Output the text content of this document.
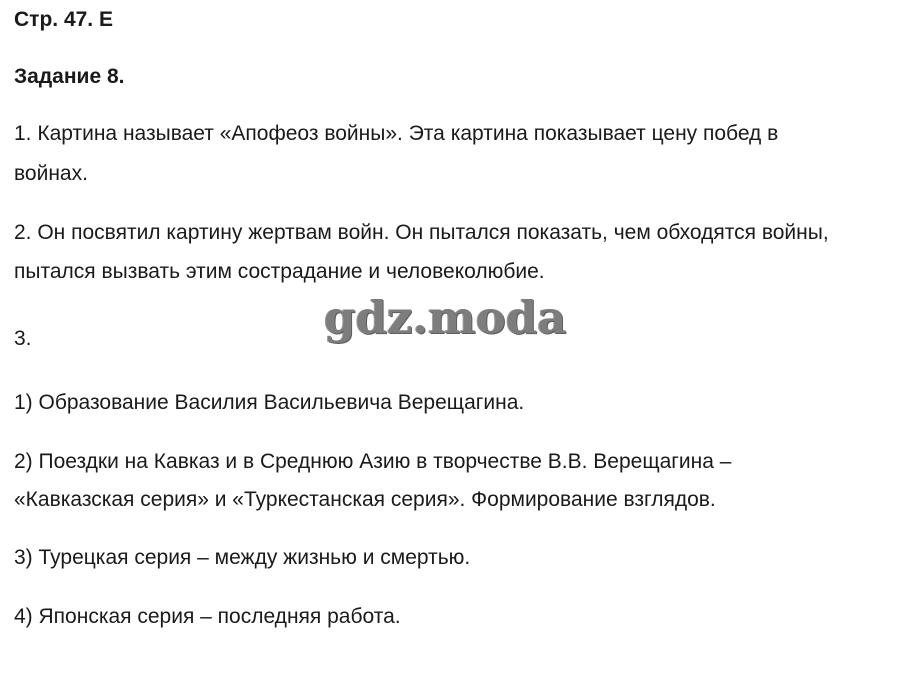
Стр. 47. Е
Задание 8.
1. Картина называет «Апофеоз войны». Эта картина показывает цену побед в
войнах.
2. Он посвятил картину жертвам войн. Он пытался показать, чем обходятся войны,
пытался вызвать этим сострадание и человеколюбие.
3.
1) Образование Василия Васильевича Верещагина.
2) Поездки на Кавказ и в Среднюю Азию в творчестве В.В. Верещагина –
«Кавказская серия» и «Туркестанская серия». Формирование взглядов.
3) Турецкая серия – между жизнью и смертью.
4) Японская серия – последняя работа.
gdz.moda
